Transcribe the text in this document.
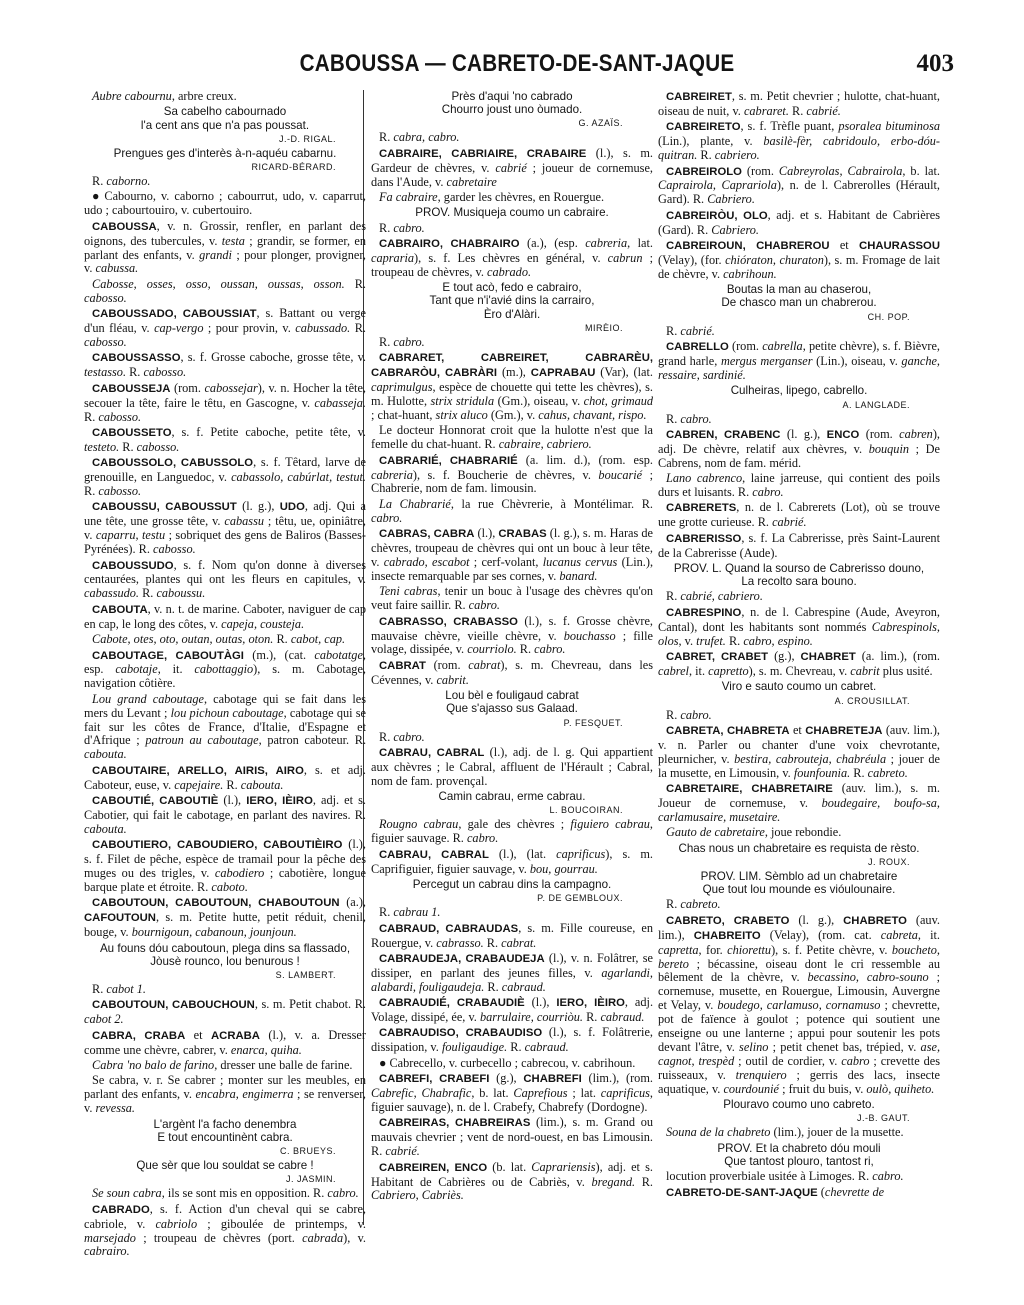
CABOUSSA — CABRETO-DE-SANT-JAQUE	403

Aubre cabournu, arbre creux.

Sa cabelho cabournado
l'a cent ans que n'a pas poussat.
J.-D. RIGAL.
Prengues ges d'interès à-n-aquéu cabarnu.
RICARD-BÉRARD.

R. caborno.

● Cabourno, v. caborno ; cabourrut, udo, v. caparrut, udo ; cabourtouiro, v. cubertouiro.

CABOUSSA, v. n. Grossir, renfler, en parlant des oignons, des tubercules, v. testa ; grandir, se former, en parlant des enfants, v. grandi ; pour plonger, provigner, v. cabussa.

Cabosse, osses, osso, oussan, oussas, osson. R. cabosso.

CABOUSSADO, CABOUSSIAT, s. Battant ou verge d'un fléau, v. cap-vergo ; pour provin, v. cabussado. R. cabosso.

CABOUSSASSO, s. f. Grosse caboche, grosse tête, v. testasso. R. cabosso.

CABOUSSEJA (rom. cabossejar), v. n. Hocher la tête, secouer la tête, faire le têtu, en Gascogne, v. cabasseja. R. cabosso.

CABOUSSETO, s. f. Petite caboche, petite tête, v. testeto. R. cabosso.

CABOUSSOLO, CABUSSOLO, s. f. Têtard, larve de grenouille, en Languedoc, v. cabassolo, cabúrlat, testut. R. cabosso.

CABOUSSU, CABOUSSUT (l. g.), UDO, adj. Qui a une tête, une grosse tête, v. cabassu ; têtu, ue, opiniâtre, v. caparru, testu ; sobriquet des gens de Baliros (Basses-Pyrénées). R. cabosso.

CABOUSSUDO, s. f. Nom qu'on donne à diverses centaurées, plantes qui ont les fleurs en capitules, v. cabassudo. R. caboussu.

CABOUTA, v. n. t. de marine. Caboter, naviguer de cap en cap, le long des côtes, v. capeja, cousteja.

Cabote, otes, oto, outan, outas, oton. R. cabot, cap.

CABOUTAGE, CABOUTÀGI (m.), (cat. cabotatge, esp. cabotaje, it. cabottaggio), s. m. Cabotage, navigation côtière.

Lou grand caboutage, cabotage qui se fait dans les mers du Levant ; lou pichoun caboutage, cabotage qui se fait sur les côtes de France, d'Italie, d'Espagne et d'Afrique ; patroun au caboutage, patron caboteur. R. cabouta.

CABOUTAIRE, ARELLO, AIRIS, AIRO, s. et adj. Caboteur, euse, v. capejaire. R. cabouta.

CABOUTIÉ, CABOUTIÈ (l.), IERO, IÈIRO, adj. et s. Cabotier, qui fait le cabotage, en parlant des navires. R. cabouta.

CABOUTIERO, CABOUDIERO, CABOUTIÈIRO (l.), s. f. Filet de pêche, espèce de tramail pour la pêche des muges ou des trigles, v. cabodiero ; cabotière, longue barque plate et étroite. R. caboto.

CABOUTOUN, CABOUTOUN, CHABOUTOUN (a.), CAFOUTOUN, s. m. Petite hutte, petit réduit, chenil, bouge, v. bournigoun, cabanoun, jounjoun.

Au founs dóu caboutoun, plega dins sa flassado,
Jòusè rounco, lou benurous !
S. LAMBERT.

R. cabot 1.

CABOUTOUN, CABOUCHOUN, s. m. Petit chabot. R. cabot 2.

CABRA, CRABA et ACRABA (l.), v. a. Dresser comme une chèvre, cabrer, v. enarca, quiha.

Cabra 'no balo de farino, dresser une balle de farine.

Se cabra, v. r. Se cabrer ; monter sur les meubles, en parlant des enfants, v. encabra, engimerra ; se renverser, v. revessa.

L'argènt l'a facho denembra
E tout encountinènt cabra.
C. BRUEYS.
Que sèr que lou souldat se cabre !
J. JASMIN.

Se soun cabra, ils se sont mis en opposition. R. cabro.

CABRADO, s. f. Action d'un cheval qui se cabre, cabriole, v. cabriolo ; giboulée de printemps, v. marsejado ; troupeau de chèvres (port. cabrada), v. cabrairo.

Près d'aqui 'no cabrado
Chourro joust uno òumado.
G. AZAÏS.

R. cabra, cabro.

CABRAIRE, CABRIAIRE, CRABAIRE (l.), s. m. Gardeur de chèvres, v. cabrié ; joueur de cornemuse, dans l'Aude, v. cabretaire

Fa cabraire, garder les chèvres, en Rouergue.

PROV. Musiqueja coumo un cabraire.

R. cabro.

CABRAIRO, CHABRAIRO (a.), (esp. cabreria, lat. capraria), s. f. Les chèvres en général, v. cabrun ; troupeau de chèvres, v. cabrado.

E tout acò, fedo e cabrairo,
Tant que n'i'avié dins la carrairo,
Èro d'Alàri.
MIRÈIO.

R. cabro.

CABRARET, CABREIRET, CABRARÈU, CABRARÒU, CABRÀRI (m.), CAPRABAU (Var), (lat. caprimulgus, espèce de chouette qui tette les chèvres), s. m. Hulotte, strix stridula (Gm.), oiseau, v. chot, grimaud ; chat-huant, strix aluco (Gm.), v. cahus, chavant, rispo.

Le docteur Honnorat croit que la hulotte n'est que la femelle du chat-huant. R. cabraire, cabriero.

CABRARIÉ, CHABRARIÉ (a. lim. d.), (rom. esp. cabreria), s. f. Boucherie de chèvres, v. boucarié ; Chabrerie, nom de fam. limousin.

La Chabrarié, la rue Chèvrerie, à Montélimar. R. cabro.

CABRAS, CABRA (l.), CRABAS (l. g.), s. m. Haras de chèvres, troupeau de chèvres qui ont un bouc à leur tête, v. cabrado, escabot ; cerf-volant, lucanus cervus (Lin.), insecte remarquable par ses cornes, v. banard.

Teni cabras, tenir un bouc à l'usage des chèvres qu'on veut faire saillir. R. cabro.

CABRASSO, CRABASSO (l.), s. f. Grosse chèvre, mauvaise chèvre, vieille chèvre, v. bouchasso ; fille volage, dissipée, v. courriolo. R. cabro.

CABRAT (rom. cabrat), s. m. Chevreau, dans les Cévennes, v. cabrit.

Lou bèl e fouligaud cabrat
Que s'ajasso sus Galaad.
P. FESQUET.

R. cabro.

CABRAU, CABRAL (l.), adj. de l. g. Qui appartient aux chèvres ; le Cabral, affluent de l'Hérault ; Cabral, nom de fam. provençal.

Camin cabrau, erme cabrau.
L. BOUCOIRAN.

Rougno cabrau, gale des chèvres ; figuiero cabrau, figuier sauvage. R. cabro.

CABRAU, CABRAL (l.), (lat. caprificus), s. m. Caprifiguier, figuier sauvage, v. bou, gourrau.

Percegut un cabrau dins la campagno.
P. DE GEMBLOUX.

R. cabrau 1.

CABRAUD, CABRAUDAS, s. m. Fille coureuse, en Rouergue, v. cabrasso. R. cabrat.

CABRAUDEJA, CRABAUDEJA (l.), v. n. Folâtrer, se dissiper, en parlant des jeunes filles, v. agarlandi, alabardi, fouligaudeja. R. cabraud.

CABRAUDIÉ, CRABAUDIÈ (l.), IERO, IÈIRO, adj. Volage, dissipé, ée, v. barrulaire, courriòu. R. cabraud.

CABRAUDISO, CRABAUDISO (l.), s. f. Folâtrerie, dissipation, v. fouligaudige. R. cabraud.

● Cabrecello, v. curbecello ; cabrecou, v. cabrihoun.

CABREFI, CRABEFI (g.), CHABREFI (lim.), (rom. Cabrefic, Chabrafic, b. lat. Caprefious ; lat. caprificus, figuier sauvage), n. de l. Crabefy, Chabrefy (Dordogne).

CABREIRAS, CHABREIRAS (lim.), s. m. Grand ou mauvais chevrier ; vent de nord-ouest, en bas Limousin. R. cabrié.

CABREIREN, ENCO (b. lat. Caprariensis), adj. et s. Habitant de Cabrières ou de Cabriès, v. bregand. R. Cabriero, Cabriès.

CABREIRET, s. m. Petit chevrier ; hulotte, chat-huant, oiseau de nuit, v. cabraret. R. cabrié.

CABREIRETO, s. f. Trèfle puant, psoralea bituminosa (Lin.), plante, v. basilè-fèr, cabridoulo, erbo-dóu-quitran. R. cabriero.

CABREIROLO (rom. Cabreyrolas, Cabrairola, b. lat. Caprairola, Caprariola), n. de l. Cabrerolles (Hérault, Gard). R. Cabriero.

CABREIRÒU, OLO, adj. et s. Habitant de Cabrières (Gard). R. Cabriero.

CABREIROUN, CHABREROU et CHAURASSOU (Velay), (for. chióraton, churaton), s. m. Fromage de lait de chèvre, v. cabrihoun.

Boutas la man au chaserou,
De chasco man un chabrerou.
CH. POP.

R. cabrié.

CABRELLO (rom. cabrella, petite chèvre), s. f. Bièvre, grand harle, mergus merganser (Lin.), oiseau, v. ganche, ressaire, sardinié.

Culheiras, lipego, cabrello.
A. LANGLADE.

R. cabro.

CABREN, CRABENC (l. g.), ENCO (rom. cabren), adj. De chèvre, relatif aux chèvres, v. bouquin ; De Cabrens, nom de fam. mérid.

Lano cabrenco, laine jarreuse, qui contient des poils durs et luisants. R. cabro.

CABRERETS, n. de l. Cabrerets (Lot), où se trouve une grotte curieuse. R. cabrié.

CABRERISSO, s. f. La Cabrerisse, près Saint-Laurent de la Cabrerisse (Aude).

PROV. L. Quand la sourso de Cabrerisso douno,
La recolto sara bouno.

R. cabrié, cabriero.

CABRESPINO, n. de l. Cabrespine (Aude, Aveyron, Cantal), dont les habitants sont nommés Cabrespinols, olos, v. trufet. R. cabro, espino.

CABRET, CRABET (g.), CHABRET (a. lim.), (rom. cabrel, it. capretto), s. m. Chevreau, v. cabrit plus usité.

Viro e sauto coumo un cabret.
A. CROUSILLAT.

R. cabro.

CABRETA, CHABRETA et CHABRETEJA (auv. lim.), v. n. Parler ou chanter d'une voix chevrotante, pleurnicher, v. bestira, cabrouteja, chabréula ; jouer de la musette, en Limousin, v. founfounia. R. cabreto.

CABRETAIRE, CHABRETAIRE (auv. lim.), s. m. Joueur de cornemuse, v. boudegaire, boufo-sa, carlamusaire, musetaire.

Gauto de cabretaire, joue rebondie.

Chas nous un chabretaire es requista de rèsto.
J. ROUX.
PROV. LIM. Sèmblo ad un chabretaire
Que tout lou mounde es vióulounaire.

R. cabreto.

CABRETO, CRABETO (l. g.), CHABRETO (auv. lim.), CHABREITO (Velay), (rom. cat. cabreta, it. capretta, for. chiorettu), s. f. Petite chèvre, v. boucheto, bereto ; bécassine, oiseau dont le cri ressemble au bêlement de la chèvre, v. becassino, cabro-souno ; cornemuse, musette, en Rouergue, Limousin, Auvergne et Velay, v. boudego, carlamuso, cornamuso ; chevrette, pot de faïence à goulot ; potence qui soutient une enseigne ou une lanterne ; appui pour soutenir les pots devant l'âtre, v. selino ; petit chenet bas, trépied, v. ase, cagnot, trespèd ; outil de cordier, v. cabro ; crevette des ruisseaux, v. trenquiero ; gerris des lacs, insecte aquatique, v. courdounié ; fruit du buis, v. oulò, quiheto.

Plouravo coumo uno cabreto.
J.-B. GAUT.

Souna de la chabreto (lim.), jouer de la musette.

PROV. Et la chabreto dóu mouli
Que tantost plouro, tantost ri,

locution proverbiale usitée à Limoges. R. cabro.

CABRETO-DE-SANT-JAQUE (chevrette de
